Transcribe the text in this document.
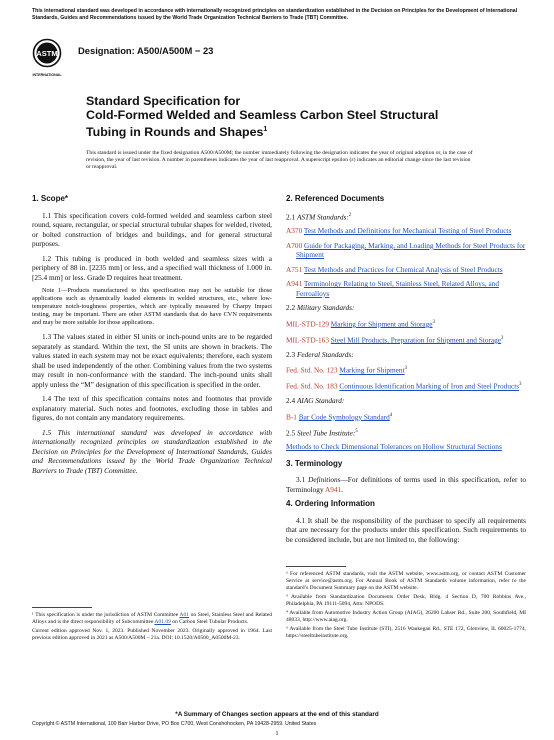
This international standard was developed in accordance with internationally recognized principles on standardization established in the Decision on Principles for the Development of International Standards, Guides and Recommendations issued by the World Trade Organization Technical Barriers to Trade (TBT) Committee.
ASTM
INTERNATIONAL
Designation: A500/A500M − 23
Standard Specification for
Cold-Formed Welded and Seamless Carbon Steel Structural
Tubing in Rounds and Shapes$^1$
This standard is issued under the fixed designation A500/A500M; the number immediately following the designation indicates the year of original adoption or, in the case of revision, the year of last revision. A number in parentheses indicates the year of last reapproval. A superscript epsilon (ε) indicates an editorial change since the last revision or reapproval.

1. Scope*

1.1 This specification covers cold-formed welded and seamless carbon steel round, square, rectangular, or special structural tubular shapes for welded, riveted, or bolted construction of bridges and buildings, and for general structural purposes.

1.2 This tubing is produced in both welded and seamless sizes with a periphery of 88 in. [2235 mm] or less, and a specified wall thickness of 1.000 in. [25.4 mm] or less. Grade D requires heat treatment.

Note 1—Products manufactured to this specification may not be suitable for those applications such as dynamically loaded elements in welded structures, etc., where low-temperature notch-toughness properties, which are typically measured by Charpy Impact testing, may be important. There are other ASTM standards that do have CVN requirements and may be more suitable for those applications.

1.3 The values stated in either SI units or inch-pound units are to be regarded separately as standard. Within the text, the SI units are shown in brackets. The values stated in each system may not be exact equivalents; therefore, each system shall be used independently of the other. Combining values from the two systems may result in non-conformance with the standard. The inch-pound units shall apply unless the “M” designation of this specification is specified in the order.

1.4 The text of this specification contains notes and footnotes that provide explanatory material. Such notes and footnotes, excluding those in tables and figures, do not contain any mandatory requirements.

1.5 This international standard was developed in accordance with internationally recognized principles on standardization established in the Decision on Principles for the Development of International Standards, Guides and Recommendations issued by the World Trade Organization Technical Barriers to Trade (TBT) Committee.

¹ This specification is under the jurisdiction of ASTM Committee A01 on Steel, Stainless Steel and Related Alloys and is the direct responsibility of Subcommittee A01.09 on Carbon Steel Tubular Products.

Current edition approved Nov. 1, 2023. Published November 2023. Originally approved in 1964. Last previous edition approved in 2021 as A500/A500M – 21a. DOI: 10.1520/A0500_A0500M-23.

2. Referenced Documents

2.1 ASTM Standards:$^2$

A370 Test Methods and Definitions for Mechanical Testing of Steel Products

A700 Guide for Packaging, Marking, and Loading Methods for Steel Products for Shipment

A751 Test Methods and Practices for Chemical Analysis of Steel Products

A941 Terminology Relating to Steel, Stainless Steel, Related Alloys, and Ferroalloys

2.2 Military Standards:

MIL-STD-129 Marking for Shipment and Storage$^3$

MIL-STD-163 Steel Mill Products, Preparation for Shipment and Storage$^3$

2.3 Federal Standards:

Fed. Std. No. 123 Marking for Shipment$^3$

Fed. Std. No. 183 Continuous Identification Marking of Iron and Steel Products$^3$

2.4 AIAG Standard:

B-1 Bar Code Symbology Standard$^4$

2.5 Steel Tube Institute:$^5$

Methods to Check Dimensional Tolerances on Hollow Structural Sections

3. Terminology

3.1 Definitions—For definitions of terms used in this specification, refer to Terminology A941.

4. Ordering Information

4.1 It shall be the responsibility of the purchaser to specify all requirements that are necessary for the products under this specification. Such requirements to be considered include, but are not limited to, the following:

² For referenced ASTM standards, visit the ASTM website, www.astm.org, or contact ASTM Customer Service at service@astm.org. For Annual Book of ASTM Standards volume information, refer to the standard’s Document Summary page on the ASTM website.

³ Available from Standardization Documents Order Desk, Bldg. 4 Section D, 700 Robbins Ave., Philadelphia, PA 19111-5094, Attn: NPODS.

⁴ Available from Automotive Industry Action Group (AIAG), 26200 Lahser Rd., Suite 200, Southfield, MI 48033, http://www.aiag.org.

⁵ Available from the Steel Tube Institute (STI), 2516 Waukegan Rd., STE 172, Glenview, IL 60025-1774, https://steeltubeinstitute.org.

*A Summary of Changes section appears at the end of this standard
Copyright © ASTM International, 100 Barr Harbor Drive, PO Box C700, West Conshohocken, PA 19428-2959. United States
1
